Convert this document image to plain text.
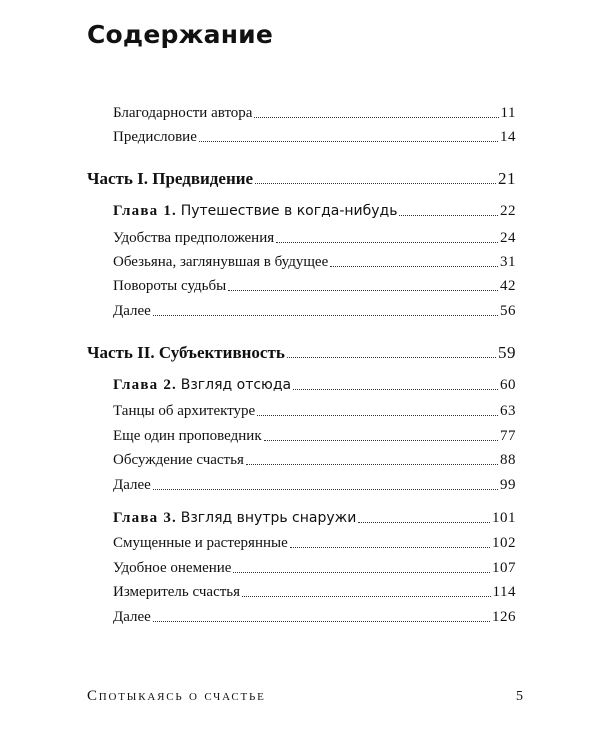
Содержание
Благодарности автора	11
Предисловие	14
Часть I. Предвидение	21
Глава 1. Путешествие в когда-нибудь	22
Удобства предположения	24
Обезьяна, заглянувшая в будущее	31
Повороты судьбы	42
Далее	56
Часть II. Субъективность	59
Глава 2. Взгляд отсюда	60
Танцы об архитектуре	63
Еще один проповедник	77
Обсуждение счастья	88
Далее	99
Глава 3. Взгляд внутрь снаружи	101
Смущенные и растерянные	102
Удобное онемение	107
Измеритель счастья	114
Далее	126
Спотыкаясь о счастье	5
